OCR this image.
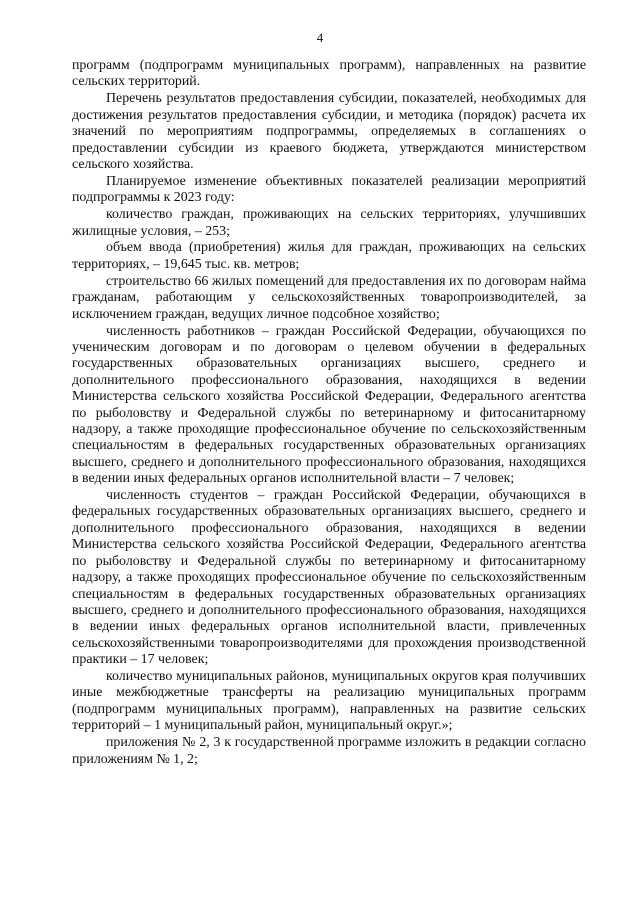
4

программ (подпрограмм муниципальных программ), направленных на развитие сельских территорий.

Перечень результатов предоставления субсидии, показателей, необходимых для достижения результатов предоставления субсидии, и методика (порядок) расчета их значений по мероприятиям подпрограммы, определяемых в соглашениях о предоставлении субсидии из краевого бюджета, утверждаются министерством сельского хозяйства.

Планируемое изменение объективных показателей реализации мероприятий подпрограммы к 2023 году:

количество граждан, проживающих на сельских территориях, улучшивших жилищные условия, – 253;

объем ввода (приобретения) жилья для граждан, проживающих на сельских территориях, – 19,645 тыс. кв. метров;

строительство 66 жилых помещений для предоставления их по договорам найма гражданам, работающим у сельскохозяйственных товаропроизводителей, за исключением граждан, ведущих личное подсобное хозяйство;

численность работников – граждан Российской Федерации, обучающихся по ученическим договорам и по договорам о целевом обучении в федеральных государственных образовательных организациях высшего, среднего и дополнительного профессионального образования, находящихся в ведении Министерства сельского хозяйства Российской Федерации, Федерального агентства по рыболовству и Федеральной службы по ветеринарному и фитосанитарному надзору, а также проходящие профессиональное обучение по сельскохозяйственным специальностям в федеральных государственных образовательных организациях высшего, среднего и дополнительного профессионального образования, находящихся в ведении иных федеральных органов исполнительной власти – 7 человек;

численность студентов – граждан Российской Федерации, обучающихся в федеральных государственных образовательных организациях высшего, среднего и дополнительного профессионального образования, находящихся в ведении Министерства сельского хозяйства Российской Федерации, Федерального агентства по рыболовству и Федеральной службы по ветеринарному и фитосанитарному надзору, а также проходящих профессиональное обучение по сельскохозяйственным специальностям в федеральных государственных образовательных организациях высшего, среднего и дополнительного профессионального образования, находящихся в ведении иных федеральных органов исполнительной власти, привлеченных сельскохозяйственными товаропроизводителями для прохождения производственной практики – 17 человек;

количество муниципальных районов, муниципальных округов края получивших иные межбюджетные трансферты на реализацию муниципальных программ (подпрограмм муниципальных программ), направленных на развитие сельских территорий – 1 муниципальный район, муниципальный округ.»;

приложения № 2, 3 к государственной программе изложить в редакции согласно приложениям № 1, 2;
